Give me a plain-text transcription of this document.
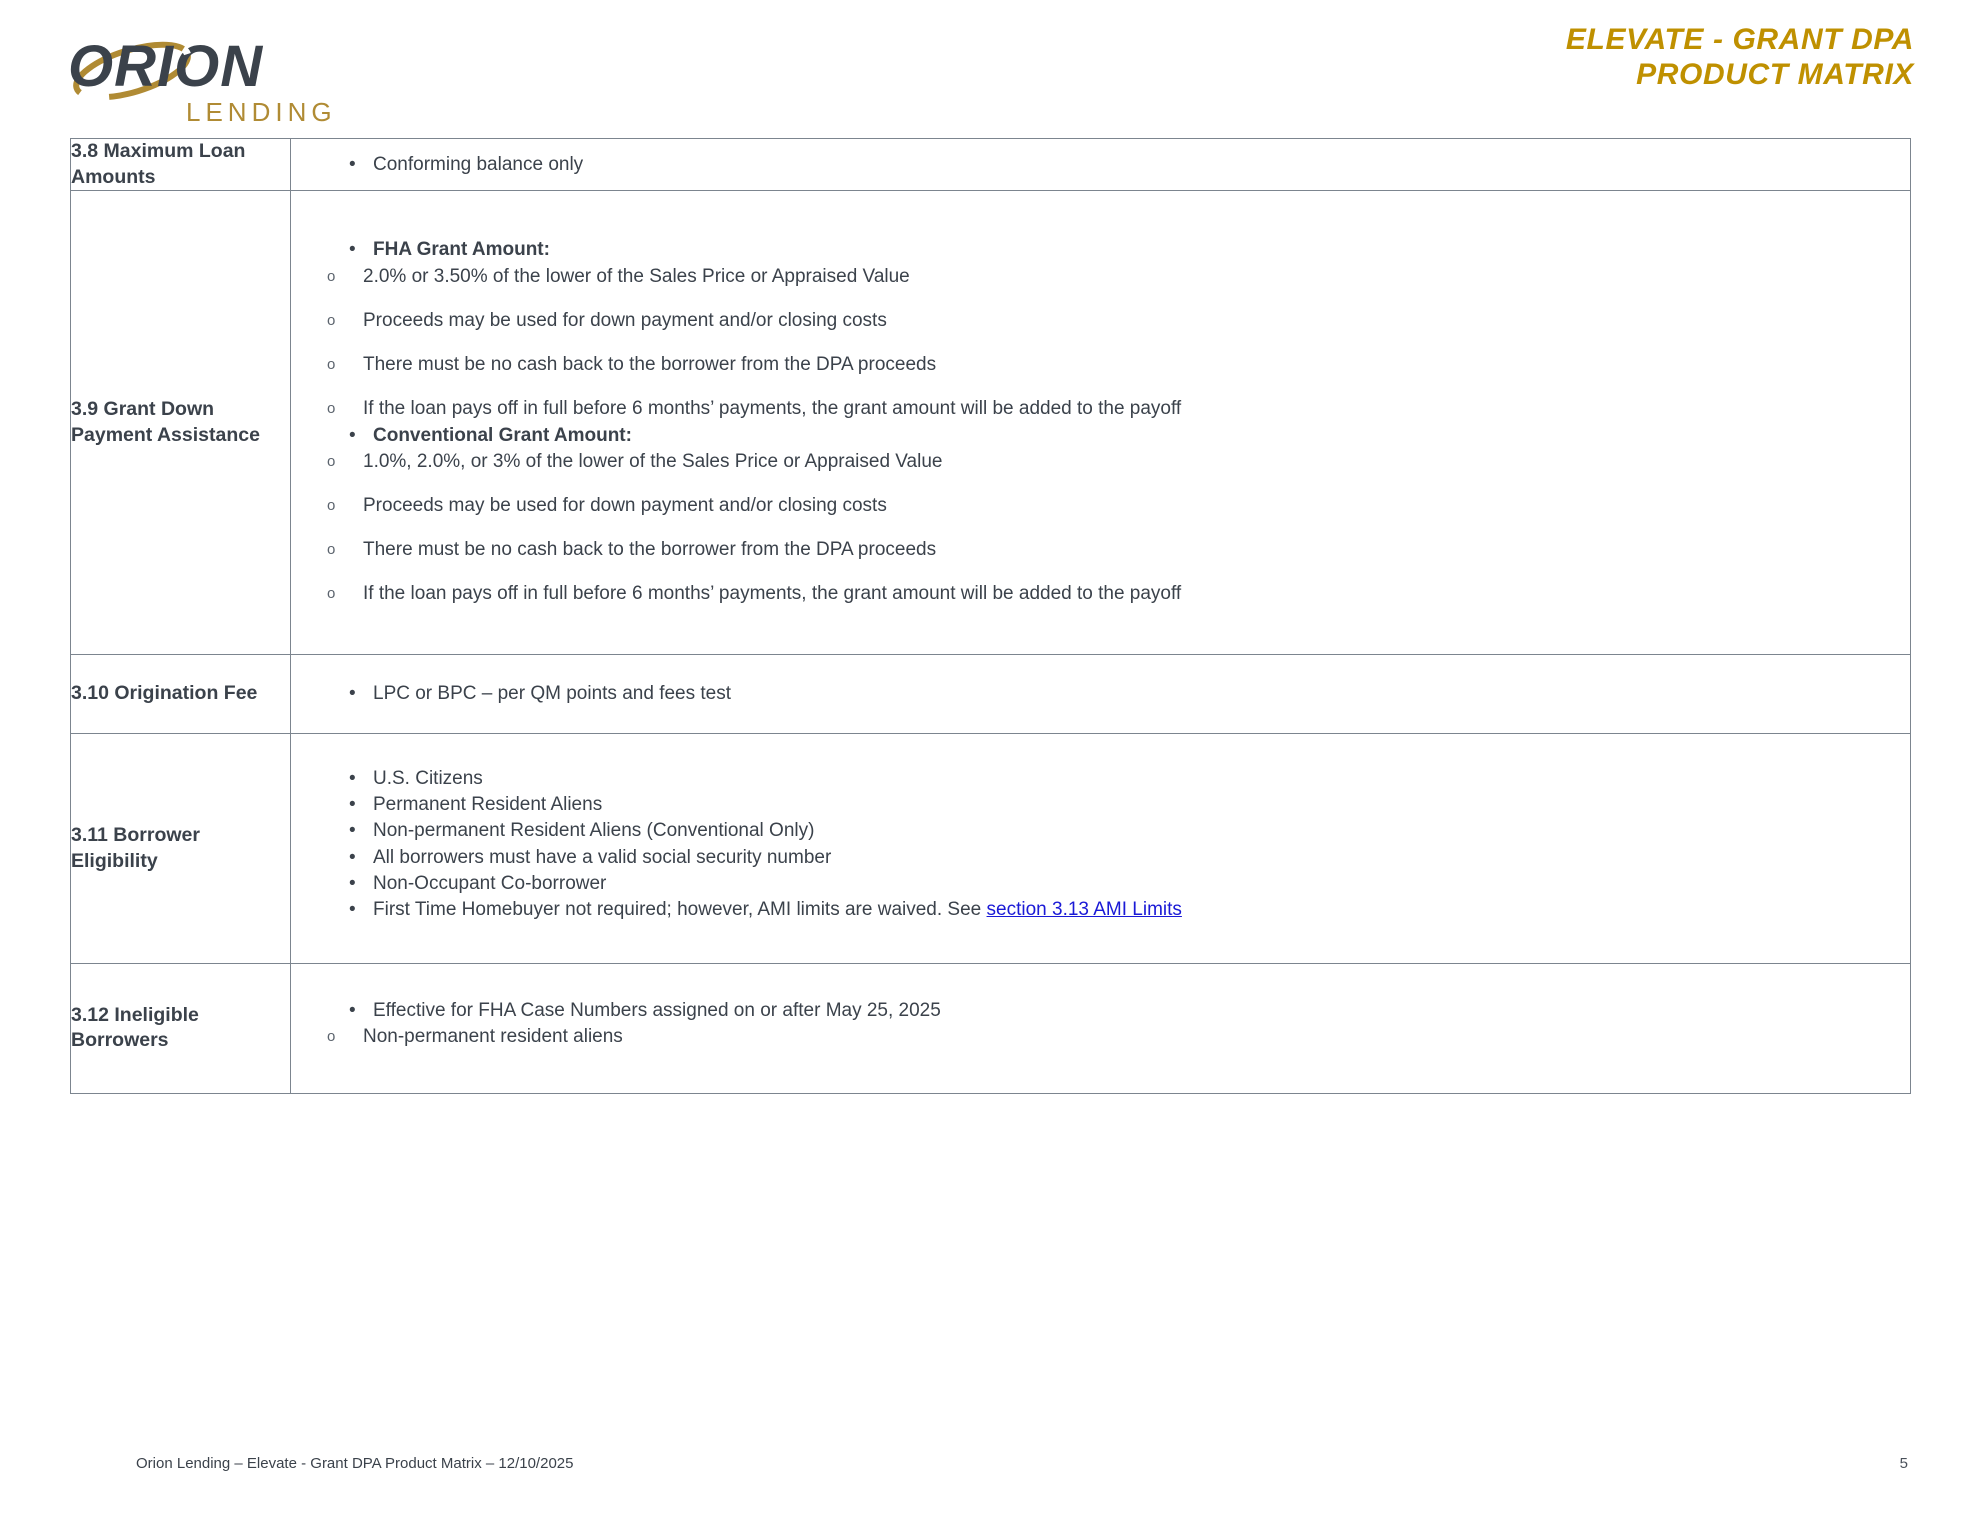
ORION
LENDING
ELEVATE - GRANT DPA
PRODUCT MATRIX
3.8 Maximum Loan Amounts	
• Conforming balance only

3.9 Grant Down Payment Assistance	
• FHA Grant Amount:
o 2.0% or 3.50% of the lower of the Sales Price or Appraised Value
o Proceeds may be used for down payment and/or closing costs
o There must be no cash back to the borrower from the DPA proceeds
o If the loan pays off in full before 6 months’ payments, the grant amount will be added to the payoff
• Conventional Grant Amount:
o 1.0%, 2.0%, or 3% of the lower of the Sales Price or Appraised Value
o Proceeds may be used for down payment and/or closing costs
o There must be no cash back to the borrower from the DPA proceeds
o If the loan pays off in full before 6 months’ payments, the grant amount will be added to the payoff

3.10 Origination Fee	• LPC or BPC – per QM points and fees test

3.11 Borrower Eligibility	
• U.S. Citizens
• Permanent Resident Aliens
• Non-permanent Resident Aliens (Conventional Only)
• All borrowers must have a valid social security number
• Non-Occupant Co-borrower
• First Time Homebuyer not required; however, AMI limits are waived. See section 3.13 AMI Limits

3.12 Ineligible Borrowers	
• Effective for FHA Case Numbers assigned on or after May 25, 2025
o Non-permanent resident aliens
Orion Lending – Elevate - Grant DPA Product Matrix – 12/10/2025	5
